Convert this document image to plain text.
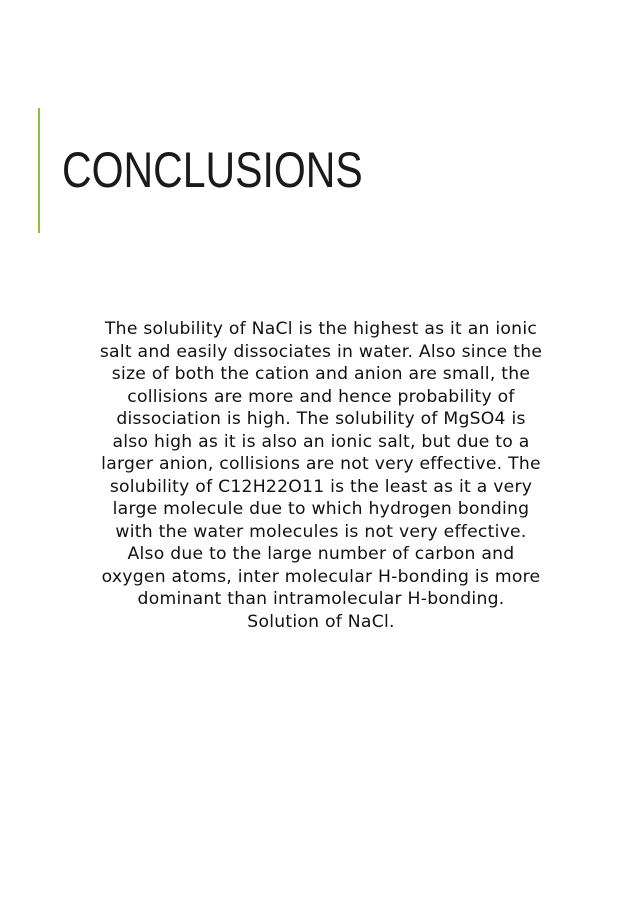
CONCLUSIONS
The solubility of NaCl is the highest as it an ionic
salt and easily dissociates in water. Also since the
size of both the cation and anion are small, the
collisions are more and hence probability of
dissociation is high. The solubility of MgSO4 is
also high as it is also an ionic salt, but due to a
larger anion, collisions are not very effective. The
solubility of C12H22O11 is the least as it a very
large molecule due to which hydrogen bonding
with the water molecules is not very effective.
Also due to the large number of carbon and
oxygen atoms, inter molecular H-bonding is more
dominant than intramolecular H-bonding.
Solution of NaCl.
